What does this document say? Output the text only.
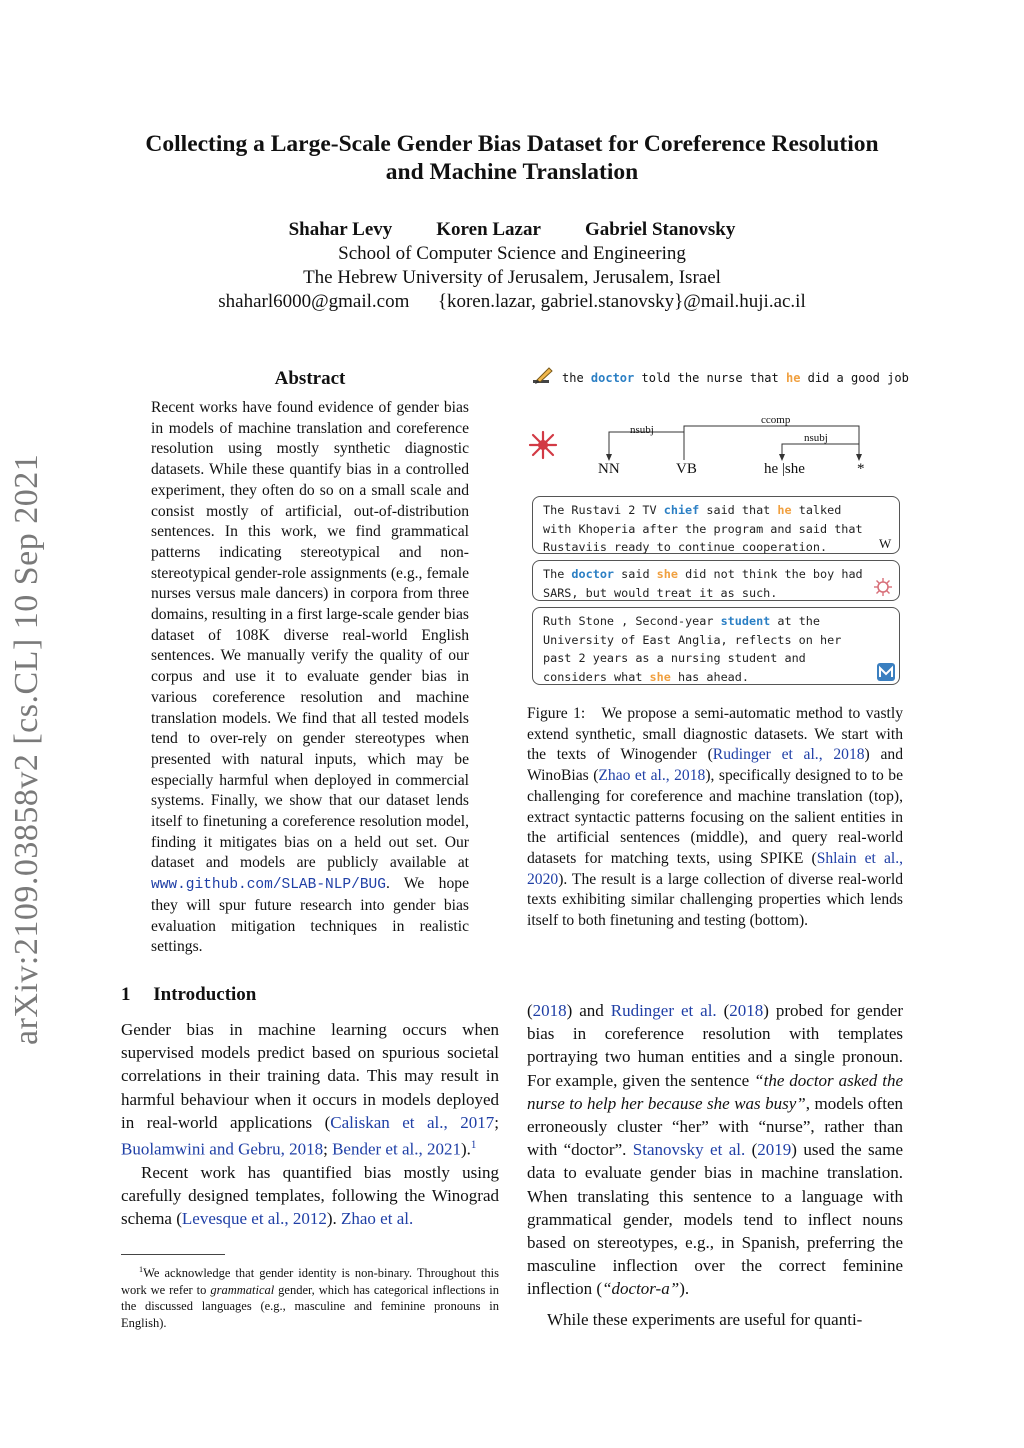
arXiv:2109.03858v2 [cs.CL] 10 Sep 2021
Collecting a Large-Scale Gender Bias Dataset for Coreference Resolution
and Machine Translation
Shahar Levy Koren Lazar Gabriel Stanovsky
School of Computer Science and Engineering
The Hebrew University of Jerusalem, Jerusalem, Israel
shaharl6000@gmail.com      {koren.lazar, gabriel.stanovsky}@mail.huji.ac.il
Abstract
Recent works have found evidence of gender bias in models of machine translation and coreference resolution using mostly synthetic diagnostic datasets. While these quantify bias in a controlled experiment, they often do so on a small scale and consist mostly of artificial, out-of-distribution sentences. In this work, we find grammatical patterns indicating stereotypical and non-stereotypical gender-role assignments (e.g., female nurses versus male dancers) in corpora from three domains, resulting in a first large-scale gender bias dataset of 108K diverse real-world English sentences. We manually verify the quality of our corpus and use it to evaluate gender bias in various coreference resolution and machine translation models. We find that all tested models tend to over-rely on gender stereotypes when presented with natural inputs, which may be especially harmful when deployed in commercial systems. Finally, we show that our dataset lends itself to finetuning a coreference resolution model, finding it mitigates bias on a held out set. Our dataset and models are publicly available at www.github.com/SLAB-NLP/BUG. We hope they will spur future research into gender bias evaluation mitigation techniques in realistic settings.
1 Introduction
Gender bias in machine learning occurs when supervised models predict based on spurious societal correlations in their training data. This may result in harmful behaviour when it occurs in models deployed in real-world applications (Caliskan et al., 2017; Buolamwini and Gebru, 2018; Bender et al., 2021).$^1$
Recent work has quantified bias mostly using carefully designed templates, following the Winograd schema (Levesque et al., 2012). Zhao et al.
$^1$We acknowledge that gender identity is non-binary. Throughout this work we refer to grammatical gender, which has categorical inflections in the discussed languages (e.g., masculine and feminine pronouns in English).
the doctor told the nurse that he did a good job
nsubj
ccomp
nsubj
NN	VB	he |she	*
The Rustavi 2 TV chief said that he talked
with Khoperia after the program and said that
Rustaviis ready to continue cooperation.	W
The doctor said she did not think the boy had
SARS, but would treat it as such.
Ruth Stone , Second-year student at the
University of East Anglia, reflects on her
past 2 years as a nursing student and
considers what she has ahead.
Figure 1: We propose a semi-automatic method to vastly extend synthetic, small diagnostic datasets. We start with the texts of Winogender (Rudinger et al., 2018) and WinoBias (Zhao et al., 2018), specifically designed to to be challenging for coreference and machine translation (top), extract syntactic patterns focusing on the salient entities in the artificial sentences (middle), and query real-world datasets for matching texts, using SPIKE (Shlain et al., 2020). The result is a large collection of diverse real-world texts exhibiting similar challenging properties which lends itself to both finetuning and testing (bottom).
(2018) and Rudinger et al. (2018) probed for gender bias in coreference resolution with templates portraying two human entities and a single pronoun. For example, given the sentence “the doctor asked the nurse to help her because she was busy”, models often erroneously cluster “her” with “nurse”, rather than with “doctor”. Stanovsky et al. (2019) used the same data to evaluate gender bias in machine translation. When translating this sentence to a language with grammatical gender, models tend to inflect nouns based on stereotypes, e.g., in Spanish, preferring the masculine inflection over the correct feminine inflection (“doctor-a”).
While these experiments are useful for quanti-
